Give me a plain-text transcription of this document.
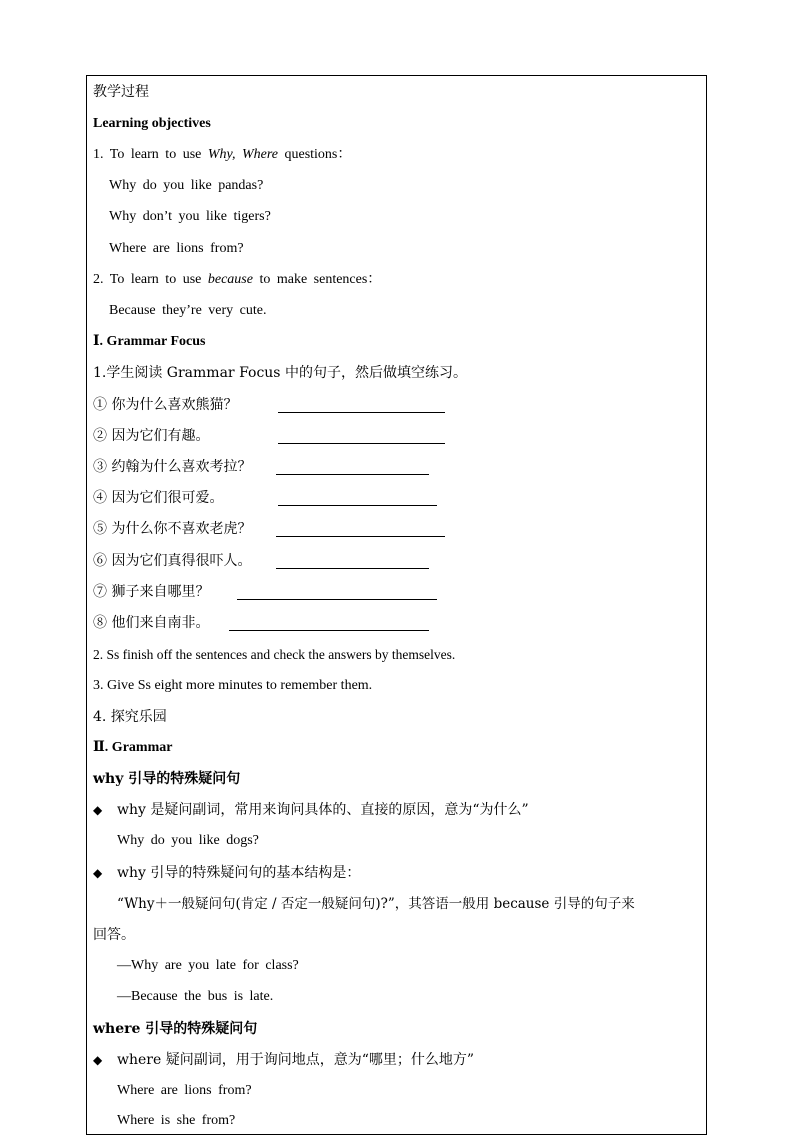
教学过程
Learning objectives
1. To learn to use Why, Where questions：
Why do you like pandas?
Why don’t you like tigers?
Where are lions from?
2. To learn to use because to make sentences：
Because they’re very cute.
Ⅰ. Grammar Focus
1.学生阅读 Grammar Focus 中的句子，然后做填空练习。
① 你为什么喜欢熊猫？
② 因为它们有趣。
③ 约翰为什么喜欢考拉？
④ 因为它们很可爱。
⑤ 为什么你不喜欢老虎？
⑥ 因为它们真得很吓人。
⑦ 狮子来自哪里？
⑧ 他们来自南非。
2. Ss finish off the sentences and check the answers by themselves.
3. Give Ss eight more minutes to remember them.
4. 探究乐园
Ⅱ. Grammar
why 引导的特殊疑问句
◆ why 是疑问副词，常用来询问具体的、直接的原因，意为“为什么”
Why do you like dogs?
◆ why 引导的特殊疑问句的基本结构是：
“Why＋一般疑问句(肯定 / 否定一般疑问句)?”，其答语一般用 because 引导的句子来
回答。
—Why are you late for class?
—Because the bus is late.
where 引导的特殊疑问句
◆ where 疑问副词，用于询问地点，意为“哪里；什么地方”
Where are lions from?
Where is she from?
